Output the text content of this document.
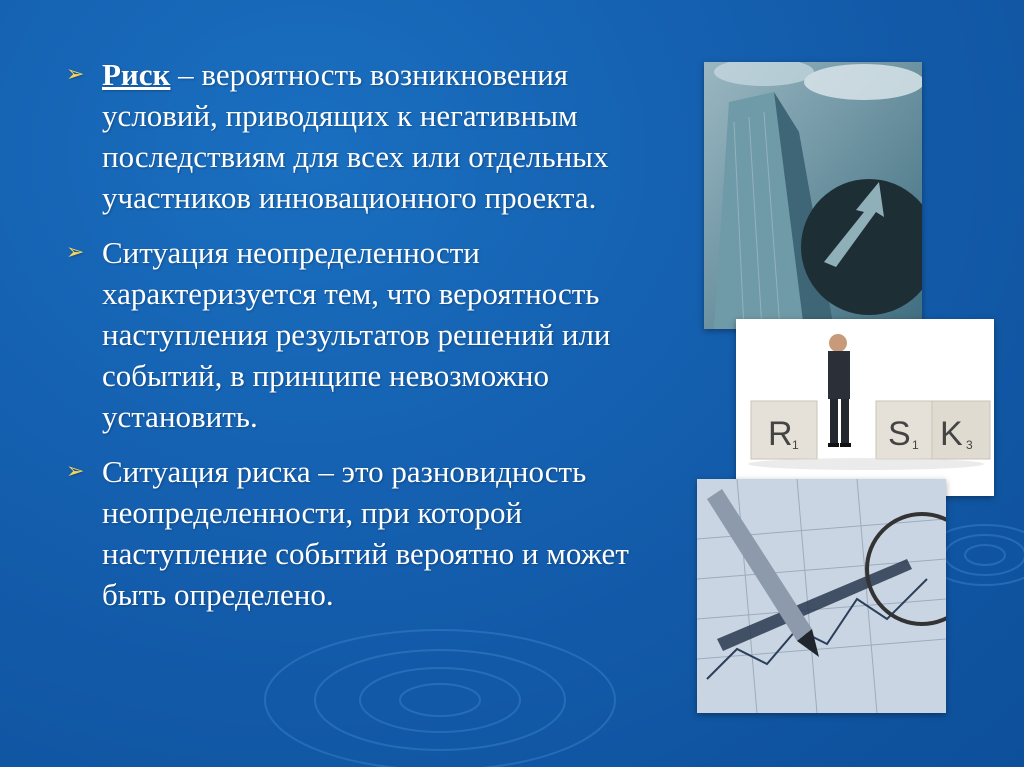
➢ Риск – вероятность возникновения условий, приводящих к негативным последствиям для всех или отдельных участников инновационного проекта.
➢ Ситуация неопределенности характеризуется тем, что вероятность наступления результатов решений или событий, в принципе невозможно установить.
➢ Ситуация риска – это разновидность неопределенности, при которой наступление событий вероятно и может быть определено.
R 1	S 1 K 3
